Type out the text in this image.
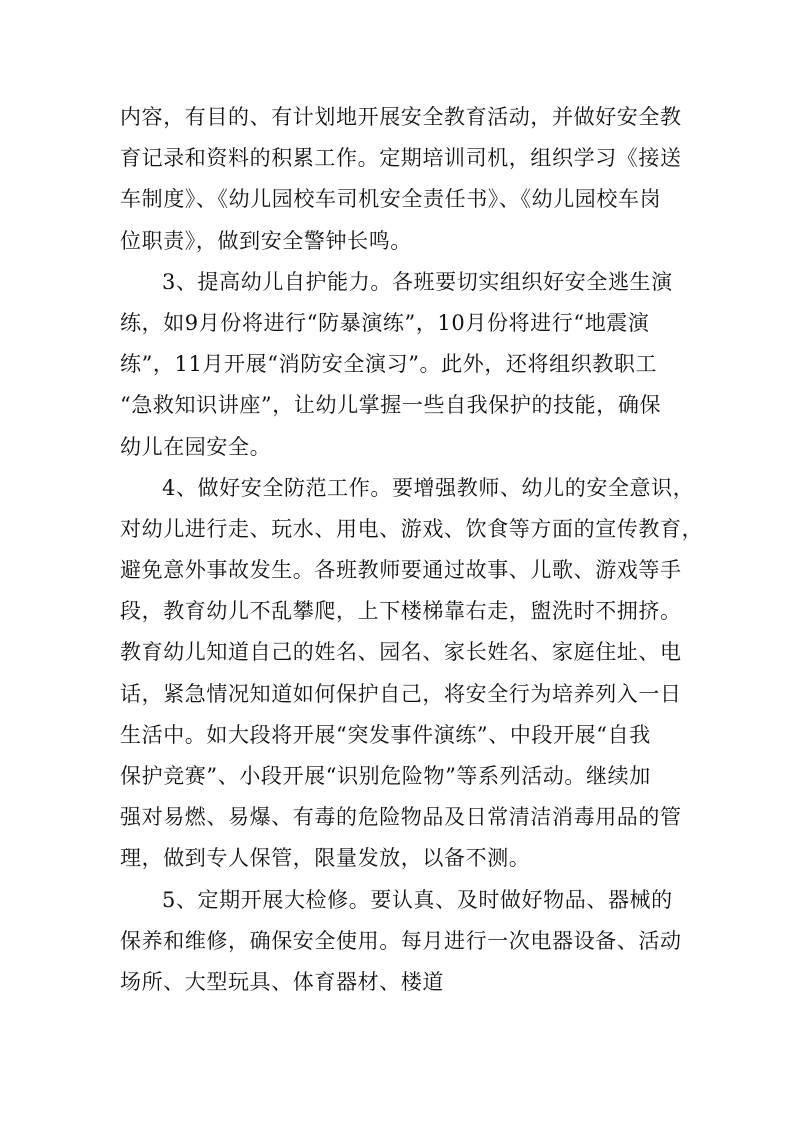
内容，有目的、有计划地开展安全教育活动，并做好安全教
育记录和资料的积累工作。定期培训司机，组织学习《接送
车制度》、《幼儿园校车司机安全责任书》、《幼儿园校车岗
位职责》，做到安全警钟长鸣。
3、提高幼儿自护能力。各班要切实组织好安全逃生演
练，如9月份将进行“防暴演练”，10月份将进行“地震演
练”，11月开展“消防安全演习”。此外，还将组织教职工
“急救知识讲座”，让幼儿掌握一些自我保护的技能，确保
幼儿在园安全。
4、做好安全防范工作。要增强教师、幼儿的安全意识，
对幼儿进行走、玩水、用电、游戏、饮食等方面的宣传教育，
避免意外事故发生。各班教师要通过故事、儿歌、游戏等手
段，教育幼儿不乱攀爬，上下楼梯靠右走，盥洗时不拥挤。
教育幼儿知道自己的姓名、园名、家长姓名、家庭住址、电
话，紧急情况知道如何保护自己，将安全行为培养列入一日
生活中。如大段将开展“突发事件演练”、中段开展“自我
保护竞赛”、小段开展“识别危险物”等系列活动。继续加
强对易燃、易爆、有毒的危险物品及日常清洁消毒用品的管
理，做到专人保管，限量发放，以备不测。
5、定期开展大检修。要认真、及时做好物品、器械的
保养和维修，确保安全使用。每月进行一次电器设备、活动
场所、大型玩具、体育器材、楼道
